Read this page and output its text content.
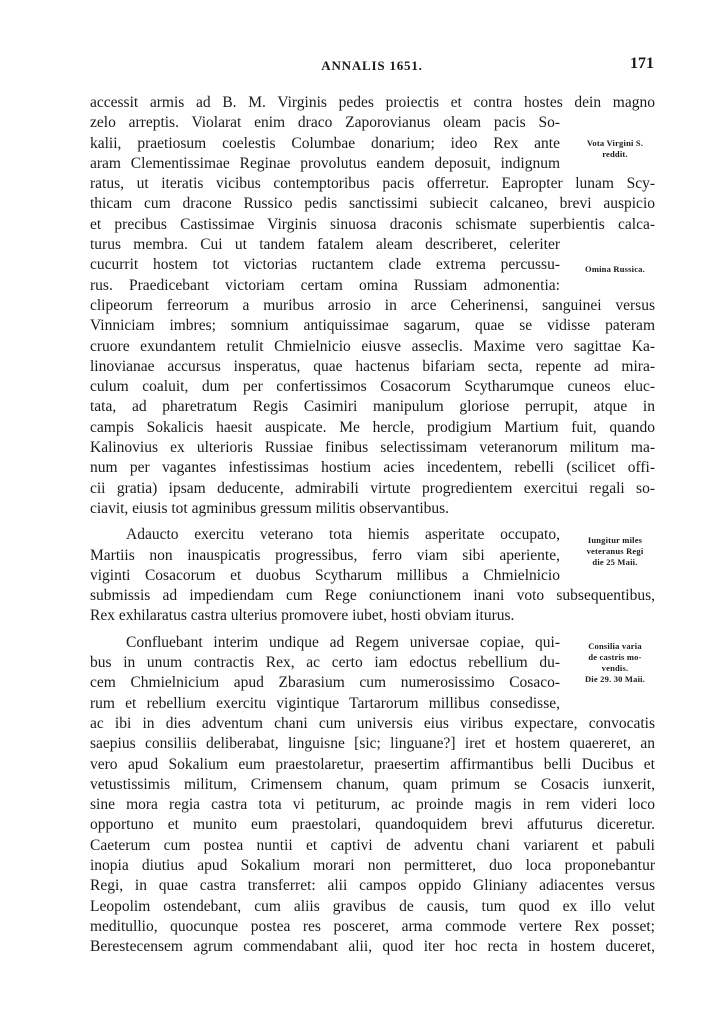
ANNALIS 1651.	171
accessit armis ad B. M. Virginis pedes proiectis et contra hostes dein magno
zelo arreptis. Violarat enim draco Zaporovianus oleam pacis So-
kalii, praetiosum coelestis Columbae donarium; ideo Rex ante
aram Clementissimae Reginae provolutus eandem deposuit, indignum
ratus, ut iteratis vicibus contemptoribus pacis offerretur. Eapropter lunam Scy-
thicam cum dracone Russico pedis sanctissimi subiecit calcaneo, brevi auspicio
et precibus Castissimae Virginis sinuosa draconis schismate superbientis calca-
turus membra. Cui ut tandem fatalem aleam describeret, celeriter
cucurrit hostem tot victorias ructantem clade extrema percussu-
rus. Praedicebant victoriam certam omina Russiam admonentia:
clipeorum ferreorum a muribus arrosio in arce Ceherinensi, sanguinei versus
Vinniciam imbres; somnium antiquissimae sagarum, quae se vidisse pateram
cruore exundantem retulit Chmielnicio eiusve asseclis. Maxime vero sagittae Ka-
linovianae accursus insperatus, quae hactenus bifariam secta, repente ad mira-
culum coaluit, dum per confertissimos Cosacorum Scytharumque cuneos eluc-
tata, ad pharetratum Regis Casimiri manipulum gloriose perrupit, atque in
campis Sokalicis haesit auspicate. Me hercle, prodigium Martium fuit, quando
Kalinovius ex ulterioris Russiae finibus selectissimam veteranorum militum ma-
num per vagantes infestissimas hostium acies incedentem, rebelli (scilicet offi-
cii gratia) ipsam deducente, admirabili virtute progredientem exercitui regali so-
ciavit, eiusis tot agminibus gressum militis observantibus.
Adaucto exercitu veterano tota hiemis asperitate occupato,
Martiis non inauspicatis progressibus, ferro viam sibi aperiente,
viginti Cosacorum et duobus Scytharum millibus a Chmielnicio
submissis ad impediendam cum Rege coniunctionem inani voto subsequentibus,
Rex exhilaratus castra ulterius promovere iubet, hosti obviam iturus.
Confluebant interim undique ad Regem universae copiae, qui-
bus in unum contractis Rex, ac certo iam edoctus rebellium du-
cem Chmielnicium apud Zbarasium cum numerosissimo Cosaco-
rum et rebellium exercitu vigintique Tartarorum millibus consedisse,
ac ibi in dies adventum chani cum universis eius viribus expectare, convocatis
saepius consiliis deliberabat, linguisne [sic; linguane?] iret et hostem quaereret, an
vero apud Sokalium eum praestolaretur, praesertim affirmantibus belli Ducibus et
vetustissimis militum, Crimensem chanum, quam primum se Cosacis iunxerit,
sine mora regia castra tota vi petiturum, ac proinde magis in rem videri loco
opportuno et munito eum praestolari, quandoquidem brevi affuturus diceretur.
Caeterum cum postea nuntii et captivi de adventu chani variarent et pabuli
inopia diutius apud Sokalium morari non permitteret, duo loca proponebantur
Regi, in quae castra transferret: alii campos oppido Gliniany adiacentes versus
Leopolim ostendebant, cum aliis gravibus de causis, tum quod ex illo velut
meditullio, quocunque postea res posceret, arma commode vertere Rex posset;
Berestecensem agrum commendabant alii, quod iter hoc recta in hostem duceret,
Vota Virgini S.
reddit.
Omina Russica.
Iungitur miles
veteranus Regi
die 25 Maii.
Consilia varia
de castris mo-
vendis.
Die 29. 30 Maii.
